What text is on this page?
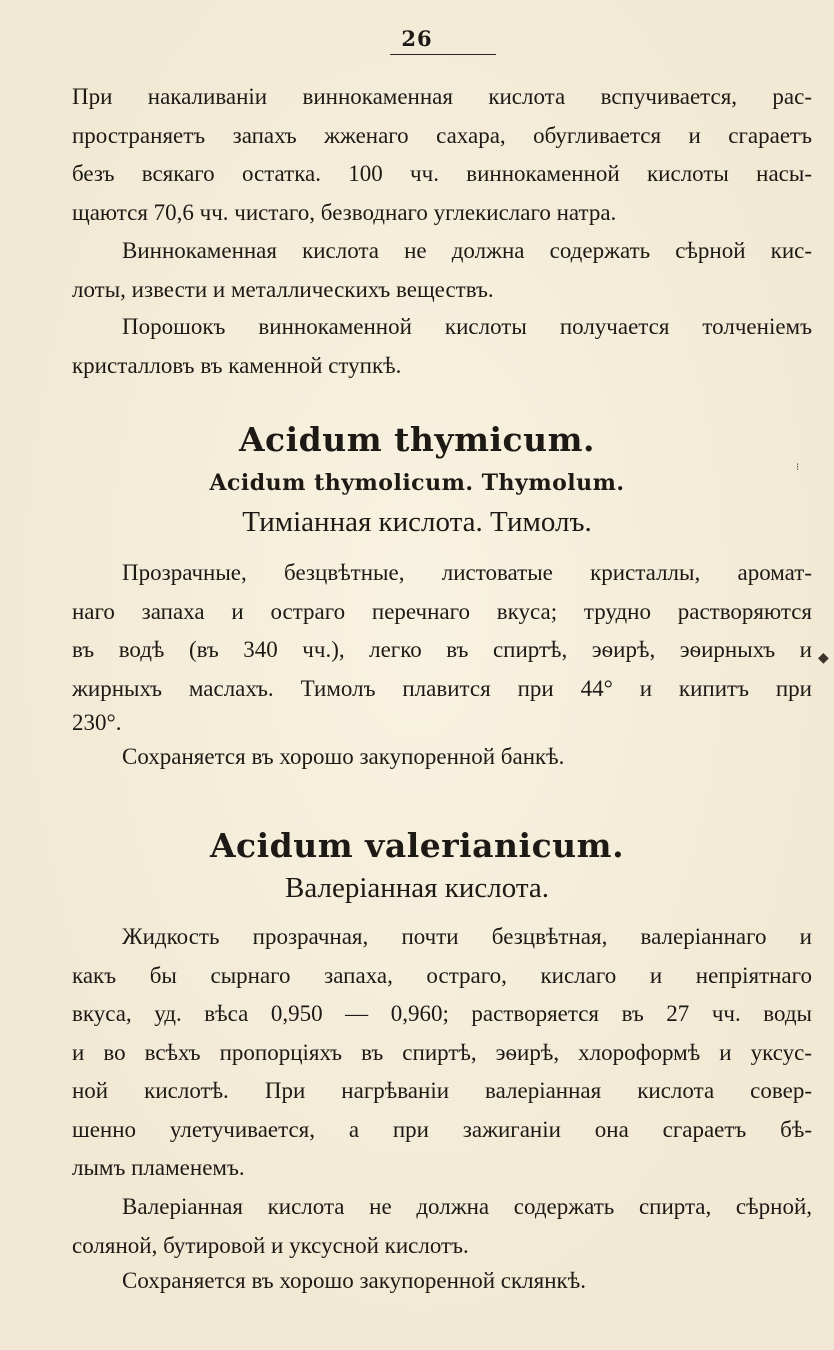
26
При накаливаніи виннокаменная кислота вспучивается, рас-
пространяетъ запахъ жженаго сахара, обугливается и сгараетъ
безъ всякаго остатка. 100 чч. виннокаменной кислоты насы-
щаются 70,6 чч. чистаго, безводнаго углекислаго натра.
Виннокаменная кислота не должна содержать сѣрной кис-
лоты, извести и металлическихъ веществъ.
Порошокъ виннокаменной кислоты получается толченіемъ
кристалловъ въ каменной ступкѣ.
Acidum thymicum.
Acidum thymolicum. Thymolum.
Тиміанная кислота. Тимолъ.
Прозрачные, безцвѣтные, листоватые кристаллы, аромат-
наго запаха и остраго перечнаго вкуса; трудно растворяются
въ водѣ (въ 340 чч.), легко въ спиртѣ, эѳирѣ, эѳирныхъ и
жирныхъ маслахъ. Тимолъ плавится при 44° и кипитъ при
230°.
Сохраняется въ хорошо закупоренной банкѣ.
Acidum valerianicum.
Валеріанная кислота.
Жидкость прозрачная, почти безцвѣтная, валеріаннаго и
какъ бы сырнаго запаха, остраго, кислаго и непріятнаго
вкуса, уд. вѣса 0,950 — 0,960; растворяется въ 27 чч. воды
и во всѣхъ пропорціяхъ въ спиртѣ, эѳирѣ, хлороформѣ и уксус-
ной кислотѣ. При нагрѣваніи валеріанная кислота совер-
шенно улетучивается, а при зажиганіи она сгараетъ бѣ-
лымъ пламенемъ.
Валеріанная кислота не должна содержать спирта, сѣрной,
соляной, бутировой и уксусной кислотъ.
Сохраняется въ хорошо закупоренной склянкѣ.
◆
⁝
